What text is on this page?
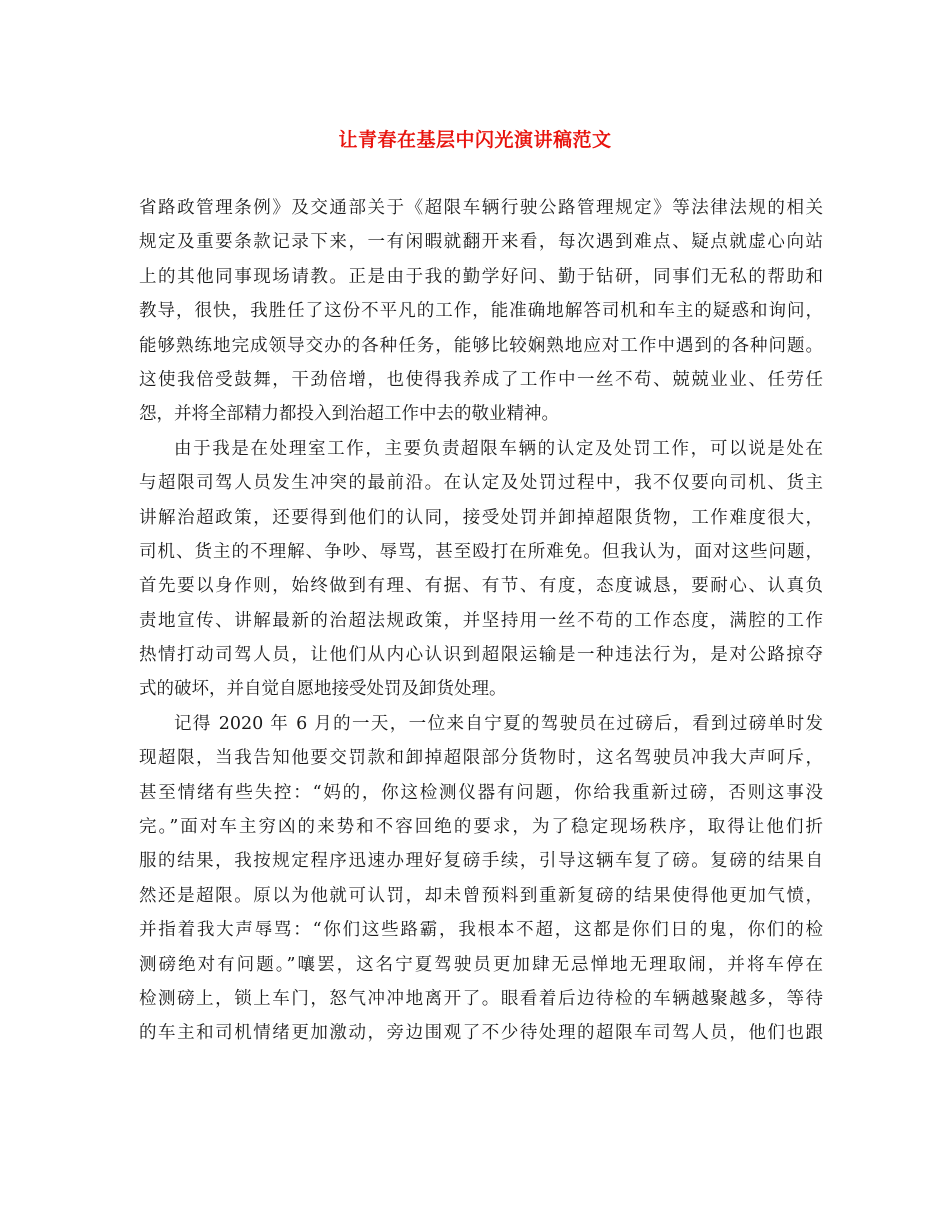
让青春在基层中闪光演讲稿范文
省路政管理条例》及交通部关于《超限车辆行驶公路管理规定》等法律法规的相关
规定及重要条款记录下来，一有闲暇就翻开来看，每次遇到难点、疑点就虚心向站
上的其他同事现场请教。正是由于我的勤学好问、勤于钻研，同事们无私的帮助和
教导，很快，我胜任了这份不平凡的工作，能准确地解答司机和车主的疑惑和询问，
能够熟练地完成领导交办的各种任务，能够比较娴熟地应对工作中遇到的各种问题。
这使我倍受鼓舞，干劲倍增，也使得我养成了工作中一丝不苟、兢兢业业、任劳任
怨，并将全部精力都投入到治超工作中去的敬业精神。
由于我是在处理室工作，主要负责超限车辆的认定及处罚工作，可以说是处在
与超限司驾人员发生冲突的最前沿。在认定及处罚过程中，我不仅要向司机、货主
讲解治超政策，还要得到他们的认同，接受处罚并卸掉超限货物，工作难度很大，
司机、货主的不理解、争吵、辱骂，甚至殴打在所难免。但我认为，面对这些问题，
首先要以身作则，始终做到有理、有据、有节、有度，态度诚恳，要耐心、认真负
责地宣传、讲解最新的治超法规政策，并坚持用一丝不苟的工作态度，满腔的工作
热情打动司驾人员，让他们从内心认识到超限运输是一种违法行为，是对公路掠夺
式的破坏，并自觉自愿地接受处罚及卸货处理。
记得 2020 年 6 月的一天，一位来自宁夏的驾驶员在过磅后，看到过磅单时发
现超限，当我告知他要交罚款和卸掉超限部分货物时，这名驾驶员冲我大声呵斥，
甚至情绪有些失控：“妈的，你这检测仪器有问题，你给我重新过磅，否则这事没
完。”面对车主穷凶的来势和不容回绝的要求，为了稳定现场秩序，取得让他们折
服的结果，我按规定程序迅速办理好复磅手续，引导这辆车复了磅。复磅的结果自
然还是超限。原以为他就可认罚，却未曾预料到重新复磅的结果使得他更加气愤，
并指着我大声辱骂：“你们这些路霸，我根本不超，这都是你们日的鬼，你们的检
测磅绝对有问题。”嚷罢，这名宁夏驾驶员更加肆无忌惮地无理取闹，并将车停在
检测磅上，锁上车门，怒气冲冲地离开了。眼看着后边待检的车辆越聚越多，等待
的车主和司机情绪更加激动，旁边围观了不少待处理的超限车司驾人员，他们也跟
